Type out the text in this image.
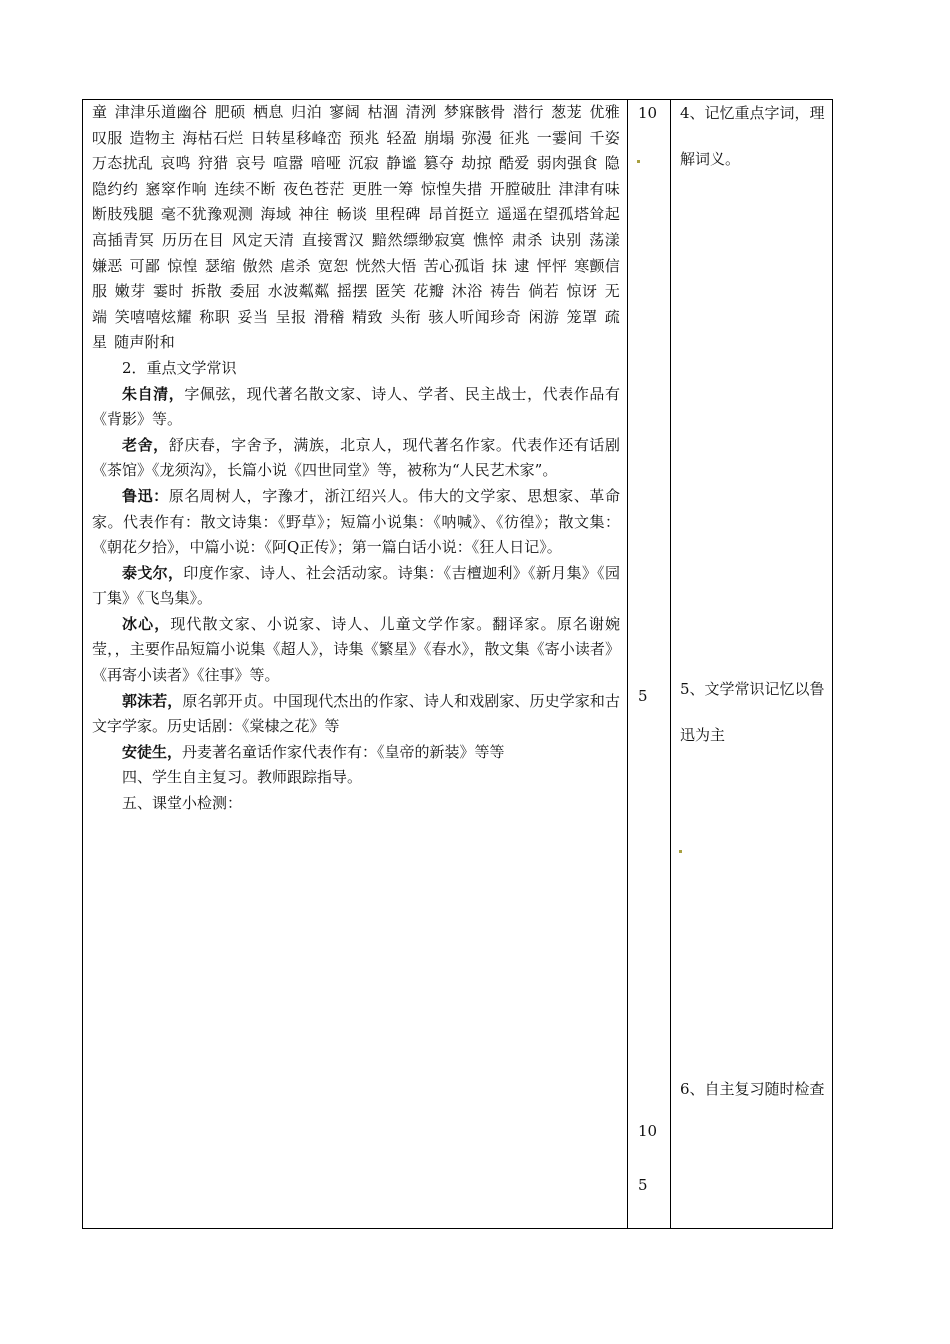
童 津津乐道幽谷 肥硕 栖息 归泊 寥阔 枯涸 清洌 梦寐骸骨 潜行 葱茏 优雅 叹服 造物主 海枯石烂 日转星移峰峦 预兆 轻盈 崩塌 弥漫 征兆 一霎间 千姿万态扰乱 哀鸣 狩猎 哀号 喧嚣 喑哑 沉寂 静谧 篡夺 劫掠 酷爱 弱肉强食 隐隐约约 窸窣作响 连续不断 夜色苍茫 更胜一筹 惊惶失措 开膛破肚 津津有味 断肢残腿 毫不犹豫观测 海域 神往 畅谈 里程碑 昂首挺立 遥遥在望孤塔耸起 高插青冥 历历在目 风定天清 直接霄汉 黯然缥缈寂寞 憔悴 肃杀 诀别 荡漾 嫌恶 可鄙 惊惶 瑟缩 傲然 虐杀 宽恕 恍然大悟 苦心孤诣 抹 逮 怦怦 寒颤信服 嫩芽 霎时 拆散 委屈 水波粼粼 摇摆 匿笑 花瓣 沐浴 祷告 倘若 惊讶 无端 笑嘻嘻炫耀 称职 妥当 呈报 滑稽 精致 头衔 骇人听闻珍奇 闲游 笼罩 疏星 随声附和

2．重点文学常识

朱自清，字佩弦，现代著名散文家、诗人、学者、民主战士，代表作品有《背影》等。

老舍，舒庆春，字舍予，满族，北京人，现代著名作家。代表作还有话剧《茶馆》《龙须沟》，长篇小说《四世同堂》等，被称为“人民艺术家”。

鲁迅：原名周树人，字豫才，浙江绍兴人。伟大的文学家、思想家、革命家。代表作有：散文诗集：《野草》；短篇小说集：《呐喊》、《彷徨》；散文集：《朝花夕拾》，中篇小说：《阿Q正传》；第一篇白话小说：《狂人日记》。

泰戈尔，印度作家、诗人、社会活动家。诗集：《吉檀迦利》《新月集》《园丁集》《飞鸟集》。

冰心，现代散文家、小说家、诗人、儿童文学作家。翻译家。原名谢婉莹，，主要作品短篇小说集《超人》，诗集《繁星》《春水》，散文集《寄小读者》《再寄小读者》《往事》等。

郭沫若，原名郭开贞。中国现代杰出的作家、诗人和戏剧家、历史学家和古文字学家。历史话剧：《棠棣之花》等

安徒生，丹麦著名童话作家代表作有：《皇帝的新装》等等

四、学生自主复习。教师跟踪指导。

五、课堂小检测：

10
5
10
5
4、记忆重点字词，理解词义。
5、文学常识记忆以鲁迅为主
6、自主复习随时检查
